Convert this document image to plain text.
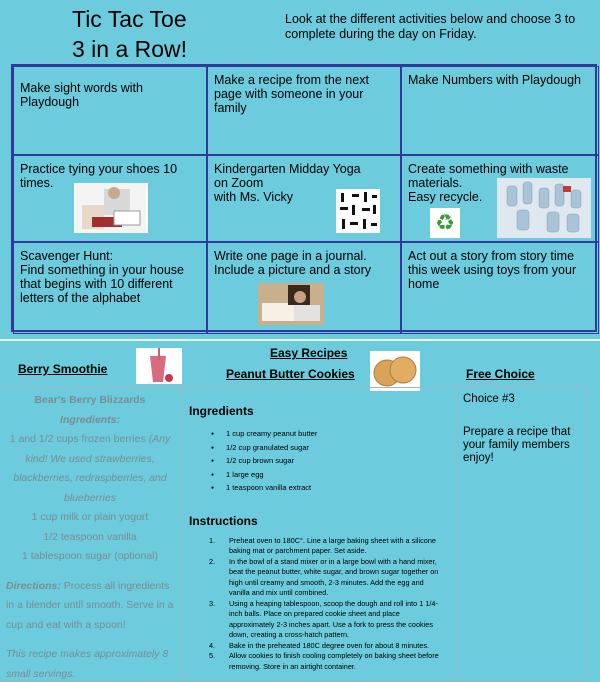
Tic Tac Toe
3 in a Row!
Look at the different activities below and choose 3 to complete during the day on Friday.
Make sight words with Playdough
Make a recipe from the next page with someone in your family
Make Numbers with Playdough
Practice tying your shoes 10 times.
Kindergarten Midday Yoga
on Zoom
with Ms. Vicky
Create something with waste materials.
Easy recycle.
♻
Scavenger Hunt:
Find something in your house that begins with 10 different letters of the alphabet
Write one page in a journal.
Include a picture and a story
Act out a story from story time this week using toys from your home
Easy Recipes
Berry Smoothie	Peanut Butter Cookies	Free Choice
Bear's Berry Blizzards
Ingredients:
1 and 1/2 cups frozen berries (Any kind! We used strawberries, blackberries, redraspberries, and blueberries
1 cup milk or plain yogurt
1/2 teaspoon vanilla
1 tablespoon sugar (optional)
Directions: Process all ingredients in a blender until smooth. Serve in a cup and eat with a spoon!
This recipe makes approximately 8 small servings.
Ingredients
● 1 cup creamy peanut butter
● 1/2 cup granulated sugar
● 1/2 cup brown sugar
● 1 large egg
● 1 teaspoon vanilla extract
Instructions
1.	Preheat oven to 180C°. Line a large baking sheet with a silicone baking mat or parchment paper. Set aside.
2.	In the bowl of a stand mixer or in a large bowl with a hand mixer, beat the peanut butter, white sugar, and brown sugar together on high until creamy and smooth, 2-3 minutes. Add the egg and vanilla and mix until combined.
3.	Using a heaping tablespoon, scoop the dough and roll into 1 1/4-inch balls. Place on prepared cookie sheet and place approximately 2-3 inches apart. Use a fork to press the cookies down, creating a cross-hatch pattern.
4.	Bake in the preheated 180C degree oven for about 8 minutes.
5.	Allow cookies to finish cooling completely on baking sheet before removing. Store in an airtight container.

Choice #3

Prepare a recipe that your family members enjoy!
